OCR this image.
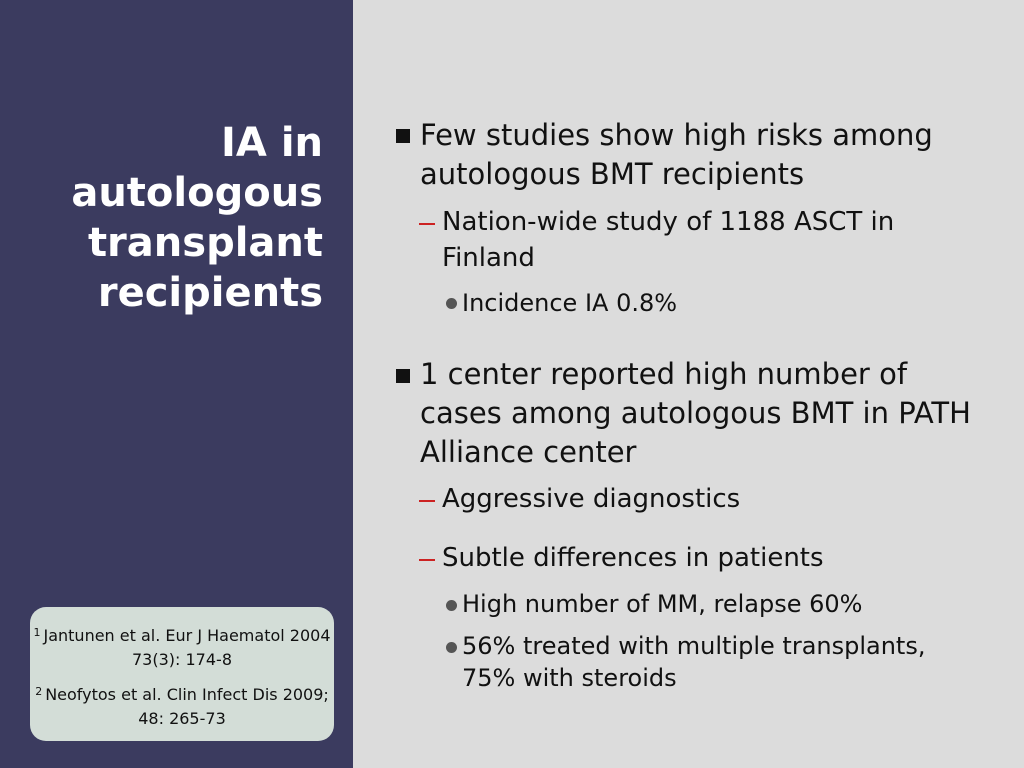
IA in
autologous
transplant
recipients

$^1$ Jantunen et al. Eur J Haematol 2004 73(3): 174-8

$^2$ Neofytos et al. Clin Infect Dis 2009; 48: 265-73

Few studies show high risks among autologous BMT recipients
Nation-wide study of 1188 ASCT in Finland
Incidence IA 0.8%
1 center reported high number of cases among autologous BMT in PATH Alliance center
Aggressive diagnostics
Subtle differences in patients
High number of MM, relapse 60%
56% treated with multiple transplants, 75% with steroids
